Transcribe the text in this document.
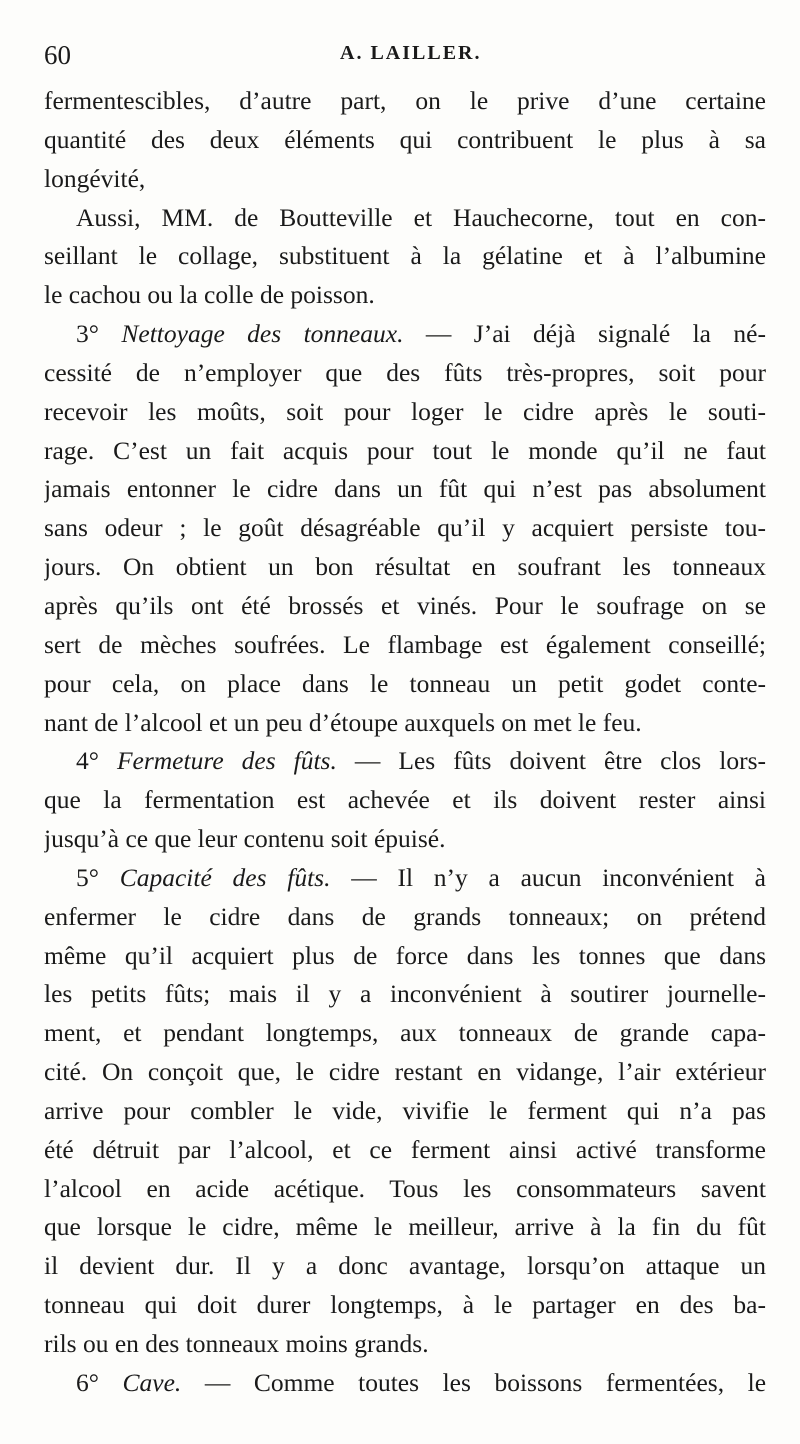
60	A. LAILLER.
fermentescibles, d’autre part, on le prive d’une certaine
quantité des deux éléments qui contribuent le plus à sa
longévité,
Aussi, MM. de Boutteville et Hauchecorne, tout en con-
seillant le collage, substituent à la gélatine et à l’albumine
le cachou ou la colle de poisson.
3° Nettoyage des tonneaux. — J’ai déjà signalé la né-
cessité de n’employer que des fûts très-propres, soit pour
recevoir les moûts, soit pour loger le cidre après le souti-
rage. C’est un fait acquis pour tout le monde qu’il ne faut
jamais entonner le cidre dans un fût qui n’est pas absolument
sans odeur ; le goût désagréable qu’il y acquiert persiste tou-
jours. On obtient un bon résultat en soufrant les tonneaux
après qu’ils ont été brossés et vinés. Pour le soufrage on se
sert de mèches soufrées. Le flambage est également conseillé;
pour cela, on place dans le tonneau un petit godet conte-
nant de l’alcool et un peu d’étoupe auxquels on met le feu.
4° Fermeture des fûts. — Les fûts doivent être clos lors-
que la fermentation est achevée et ils doivent rester ainsi
jusqu’à ce que leur contenu soit épuisé.
5° Capacité des fûts. — Il n’y a aucun inconvénient à
enfermer le cidre dans de grands tonneaux; on prétend
même qu’il acquiert plus de force dans les tonnes que dans
les petits fûts; mais il y a inconvénient à soutirer journelle-
ment, et pendant longtemps, aux tonneaux de grande capa-
cité. On conçoit que, le cidre restant en vidange, l’air extérieur
arrive pour combler le vide, vivifie le ferment qui n’a pas
été détruit par l’alcool, et ce ferment ainsi activé transforme
l’alcool en acide acétique. Tous les consommateurs savent
que lorsque le cidre, même le meilleur, arrive à la fin du fût
il devient dur. Il y a donc avantage, lorsqu’on attaque un
tonneau qui doit durer longtemps, à le partager en des ba-
rils ou en des tonneaux moins grands.
6° Cave. — Comme toutes les boissons fermentées, le
